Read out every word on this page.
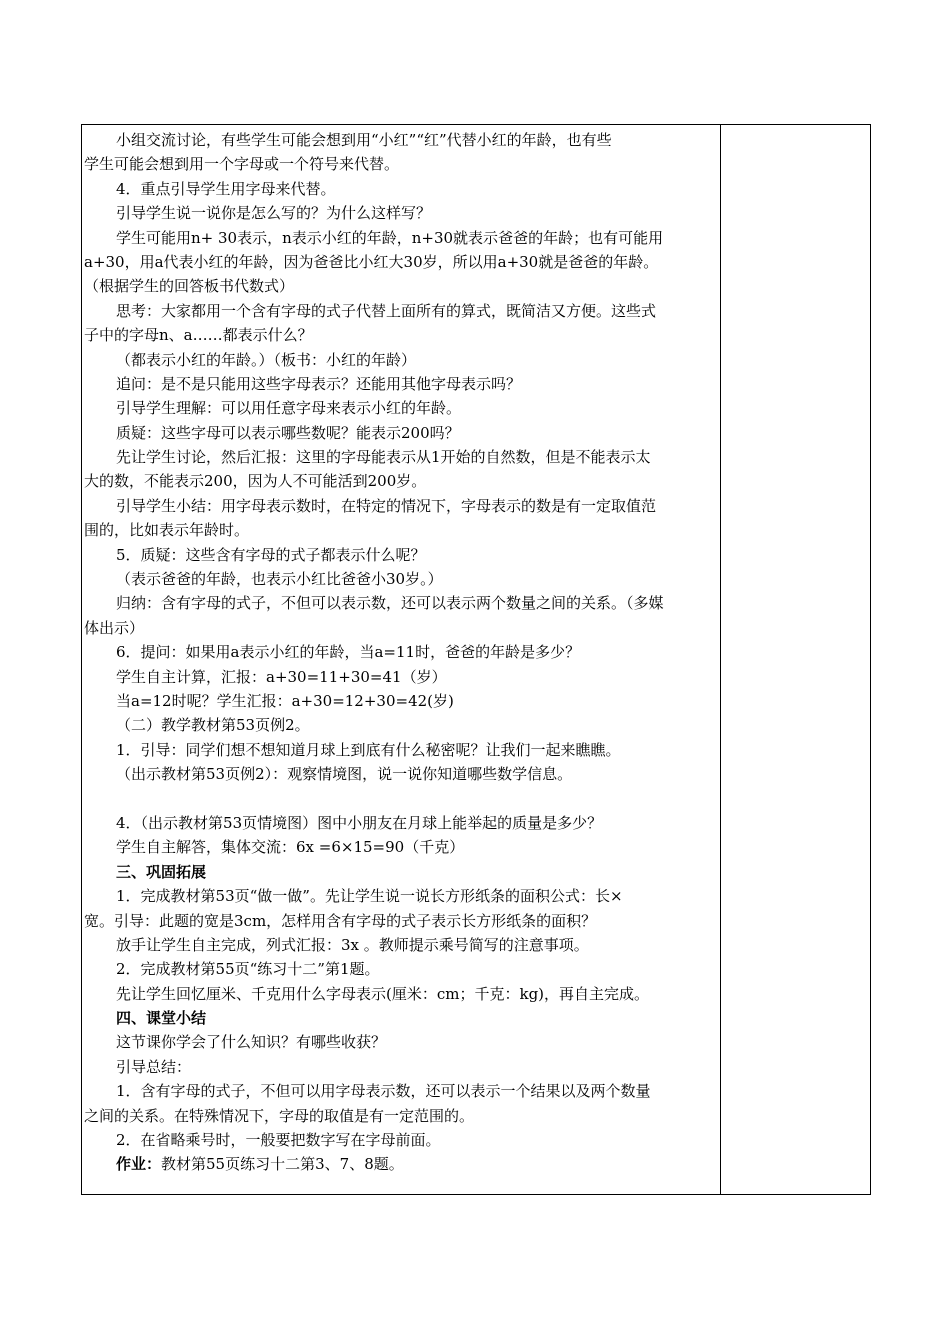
小组交流讨论，有些学生可能会想到用“小红”“红”代替小红的年龄，也有些
学生可能会想到用一个字母或一个符号来代替。
4．重点引导学生用字母来代替。
引导学生说一说你是怎么写的？为什么这样写？
学生可能用n+ 30表示，n表示小红的年龄，n+30就表示爸爸的年龄；也有可能用
a+30，用a代表小红的年龄，因为爸爸比小红大30岁，所以用a+30就是爸爸的年龄。
（根据学生的回答板书代数式）
思考：大家都用一个含有字母的式子代替上面所有的算式，既简洁又方便。这些式
子中的字母n、a……都表示什么？
（都表示小红的年龄。）（板书：小红的年龄）
追问：是不是只能用这些字母表示？还能用其他字母表示吗？
引导学生理解：可以用任意字母来表示小红的年龄。
质疑：这些字母可以表示哪些数呢？能表示200吗？
先让学生讨论，然后汇报：这里的字母能表示从1开始的自然数，但是不能表示太
大的数，不能表示200，因为人不可能活到200岁。
引导学生小结：用字母表示数时，在特定的情况下，字母表示的数是有一定取值范
围的，比如表示年龄时。
5．质疑：这些含有字母的式子都表示什么呢？
（表示爸爸的年龄，也表示小红比爸爸小30岁。）
归纳：含有字母的式子，不但可以表示数，还可以表示两个数量之间的关系。（多媒
体出示）
6．提问：如果用a表示小红的年龄，当a=11时，爸爸的年龄是多少？
学生自主计算，汇报：a+30=11+30=41（岁）
当a=12时呢？学生汇报：a+30=12+30=42(岁)
（二）教学教材第53页例2。
1．引导：同学们想不想知道月球上到底有什么秘密呢？让我们一起来瞧瞧。
（出示教材第53页例2）：观察情境图，说一说你知道哪些数学信息。
4．（出示教材第53页情境图）图中小朋友在月球上能举起的质量是多少？
学生自主解答，集体交流：6x =6×15=90（千克）
三、巩固拓展
1．完成教材第53页“做一做”。先让学生说一说长方形纸条的面积公式：长×
宽。引导：此题的宽是3cm，怎样用含有字母的式子表示长方形纸条的面积？
放手让学生自主完成，列式汇报：3x 。教师提示乘号简写的注意事项。
2．完成教材第55页“练习十二”第1题。
先让学生回忆厘米、千克用什么字母表示(厘米：cm；千克：kg)，再自主完成。
四、课堂小结
这节课你学会了什么知识？有哪些收获？
引导总结：
1．含有字母的式子，不但可以用字母表示数，还可以表示一个结果以及两个数量
之间的关系。在特殊情况下，字母的取值是有一定范围的。
2．在省略乘号时，一般要把数字写在字母前面。
作业：教材第55页练习十二第3、7、8题。
